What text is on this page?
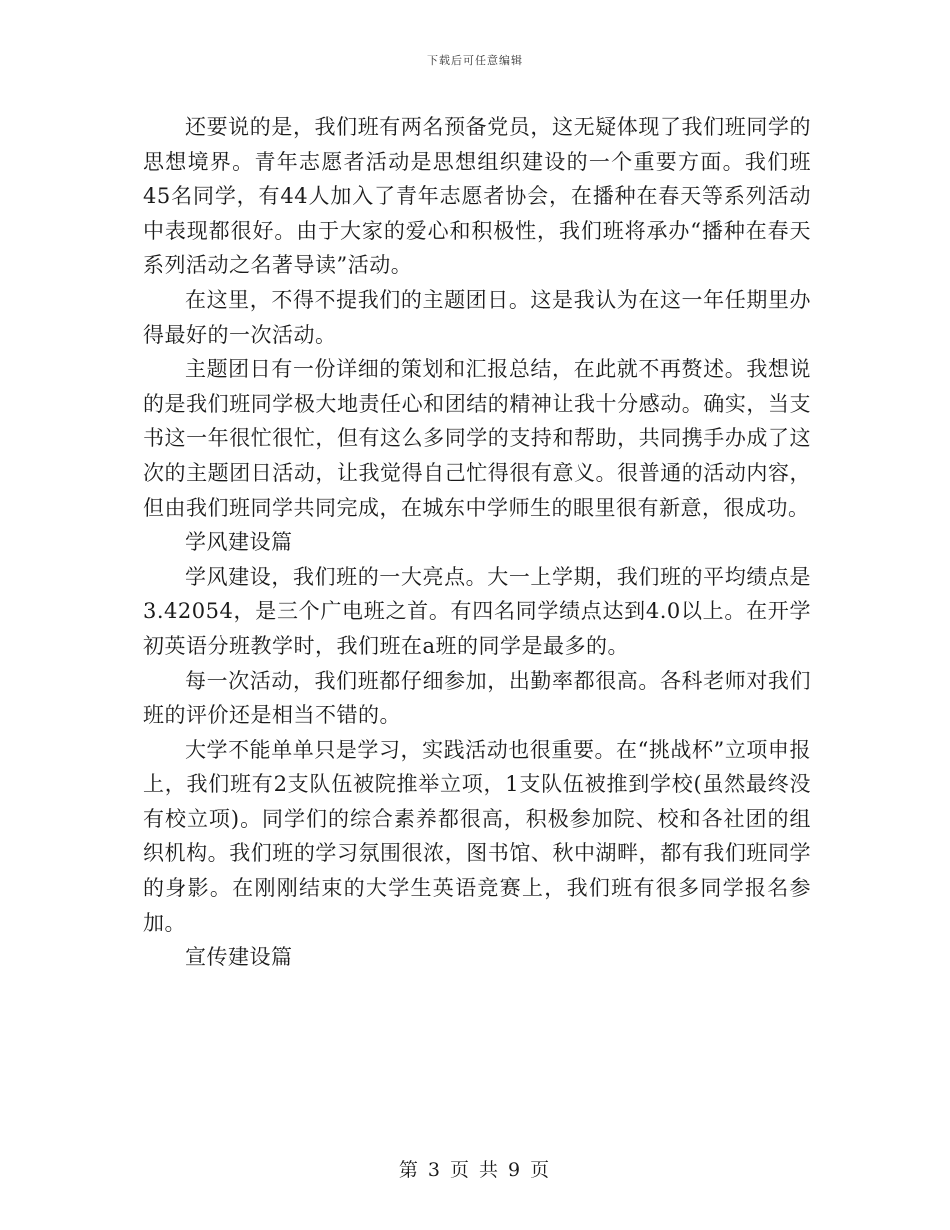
下载后可任意编辑

还要说的是，我们班有两名预备党员，这无疑体现了我们班同学的思想境界。青年志愿者活动是思想组织建设的一个重要方面。我们班45名同学，有44人加入了青年志愿者协会，在播种在春天等系列活动中表现都很好。由于大家的爱心和积极性，我们班将承办“播种在春天系列活动之名著导读”活动。

在这里，不得不提我们的主题团日。这是我认为在这一年任期里办得最好的一次活动。

主题团日有一份详细的策划和汇报总结，在此就不再赘述。我想说的是我们班同学极大地责任心和团结的精神让我十分感动。确实，当支书这一年很忙很忙，但有这么多同学的支持和帮助，共同携手办成了这次的主题团日活动，让我觉得自己忙得很有意义。很普通的活动内容，但由我们班同学共同完成，在城东中学师生的眼里很有新意，很成功。

学风建设篇

学风建设，我们班的一大亮点。大一上学期，我们班的平均绩点是3.42054，是三个广电班之首。有四名同学绩点达到4.0以上。在开学初英语分班教学时，我们班在a班的同学是最多的。

每一次活动，我们班都仔细参加，出勤率都很高。各科老师对我们班的评价还是相当不错的。

大学不能单单只是学习，实践活动也很重要。在“挑战杯”立项申报上，我们班有2支队伍被院推举立项，1支队伍被推到学校(虽然最终没有校立项)。同学们的综合素养都很高，积极参加院、校和各社团的组织机构。我们班的学习氛围很浓，图书馆、秋中湖畔，都有我们班同学的身影。在刚刚结束的大学生英语竞赛上，我们班有很多同学报名参加。

宣传建设篇

第 3 页 共 9 页
